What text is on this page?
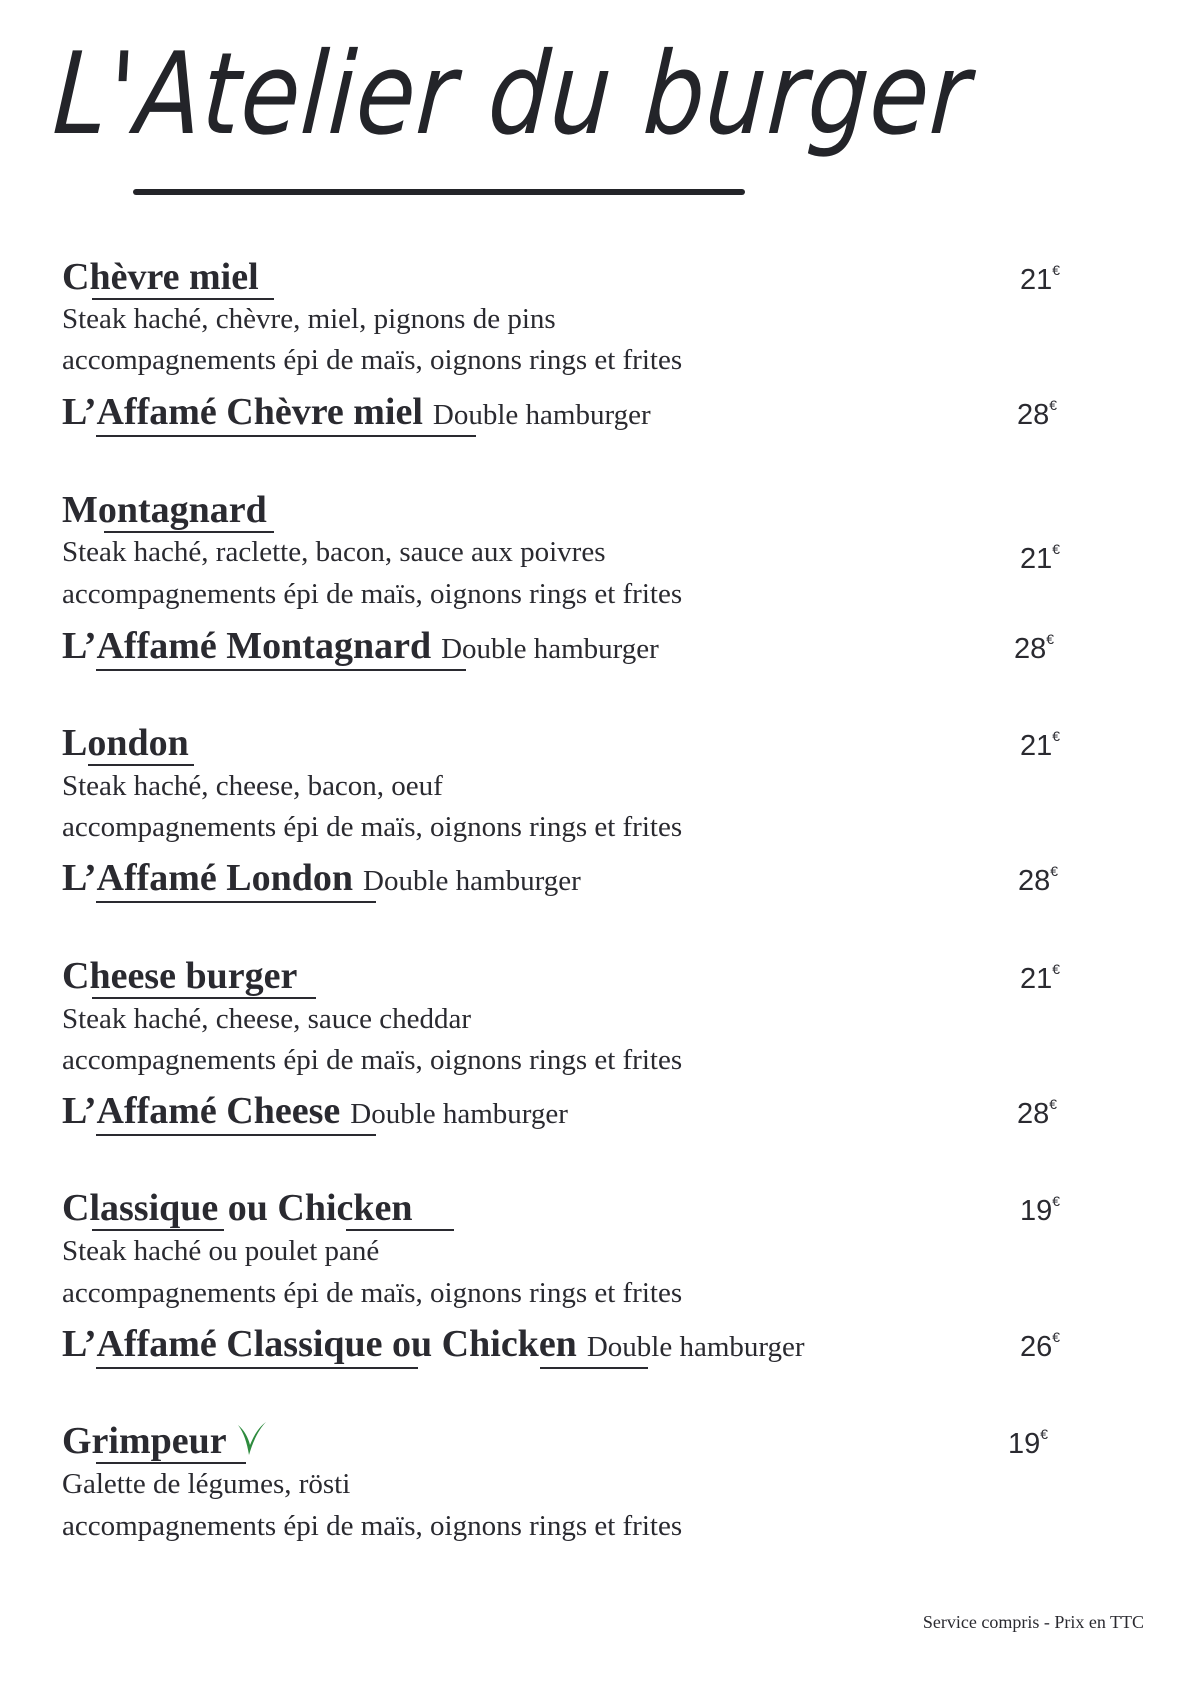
L'Atelier du burger
Chèvre miel	21€
Steak haché, chèvre, miel, pignons de pins
accompagnements épi de maïs, oignons rings et frites
L’Affamé Chèvre miel Double hamburger	28€
Montagnard
Steak haché, raclette, bacon, sauce aux poivres	21€
accompagnements épi de maïs, oignons rings et frites
L’Affamé Montagnard Double hamburger	28€
London	21€
Steak haché, cheese, bacon, oeuf
accompagnements épi de maïs, oignons rings et frites
L’Affamé London Double hamburger	28€
Cheese burger	21€
Steak haché, cheese, sauce cheddar
accompagnements épi de maïs, oignons rings et frites
L’Affamé Cheese Double hamburger	28€
Classique ou Chicken	19€
Steak haché ou poulet pané
accompagnements épi de maïs, oignons rings et frites
L’Affamé Classique ou Chicken Double hamburger	26€
Grimpeur	19€
Galette de légumes, rösti
accompagnements épi de maïs, oignons rings et frites
Service compris - Prix en TTC
